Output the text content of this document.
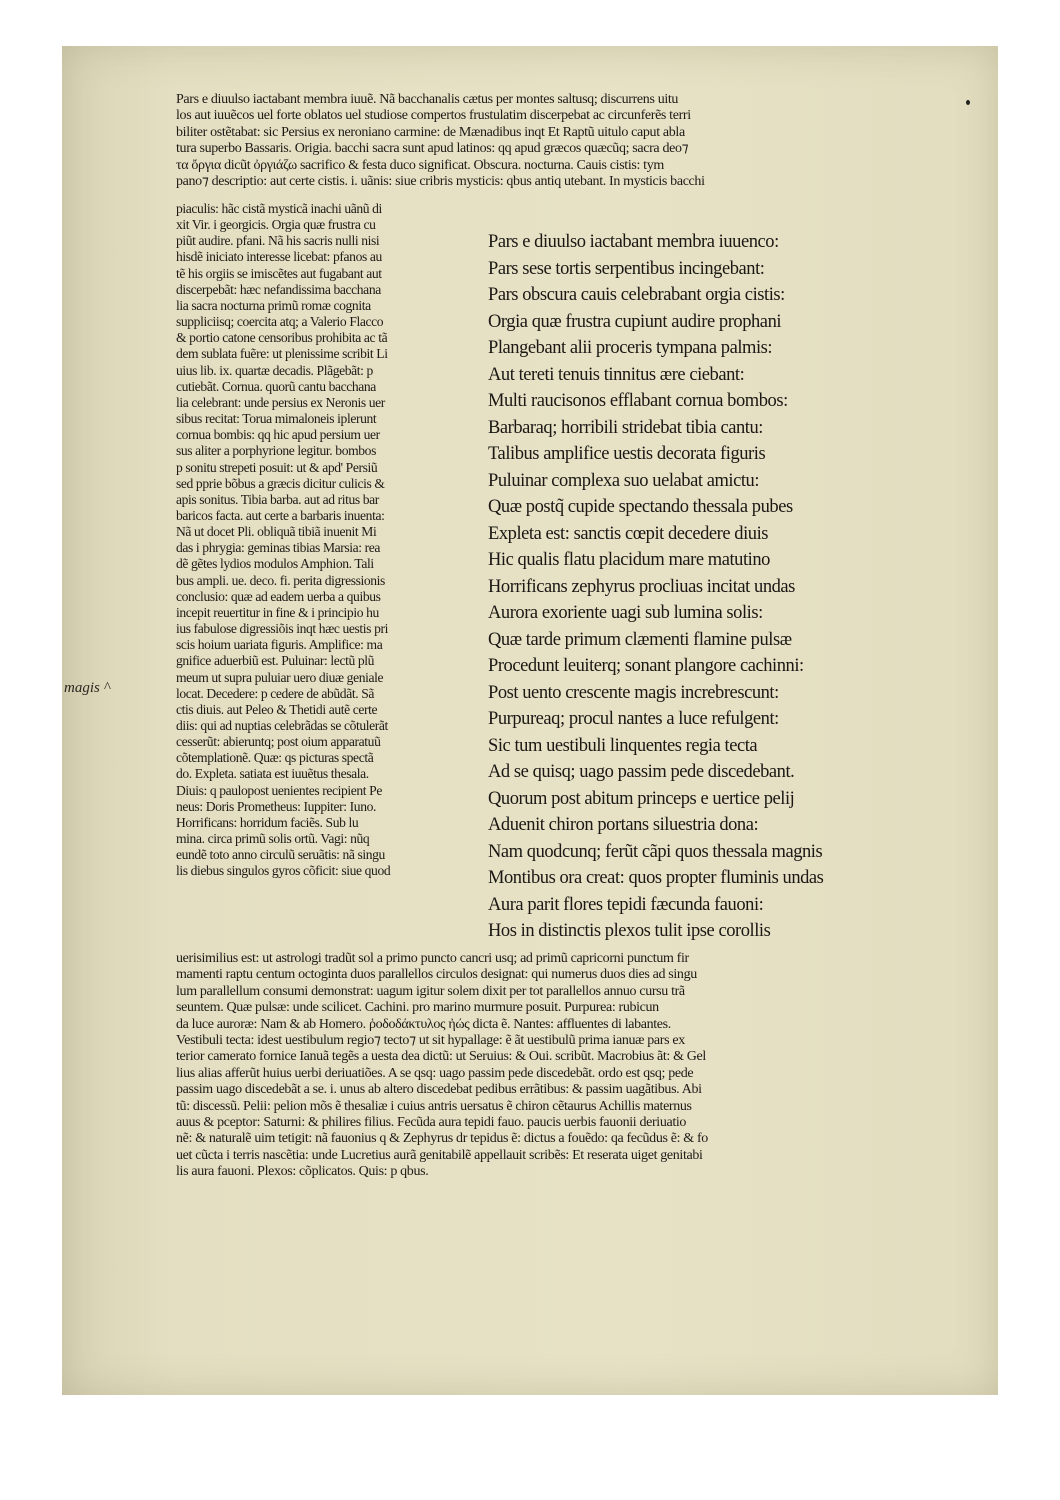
magis ^
Pars e diuulso iactabant membra iuuẽ. Nã bacchanalis cætus per montes saltusq; discurrens uitu
los aut iuuẽcos uel forte oblatos uel studiose compertos frustulatim discerpebat ac circunferẽs terri
biliter ostẽtabat: sic Persius ex neroniano carmine: de Mænadibus inqt Et Raptũ uitulo caput abla
tura superbo Bassaris. Origia. bacchi sacra sunt apud latinos: qq apud græcos quæcũq; sacra deo⁊
τα ὄργια dicũt ὀργιάζω sacrifico & festa duco significat. Obscura. nocturna. Cauis cistis: tym
pano⁊ descriptio: aut certe cistis. i. uãnis: siue cribris mysticis: qbus antiq utebant. In mysticis bacchi
piaculis: hãc cistã mysticã inachi uãnũ di
xit Vir. i georgicis. Orgia quæ frustra cu
piũt audire. pfani. Nã his sacris nulli nisi
hisdẽ iniciato interesse licebat: pfanos au
tẽ his orgiis se imiscẽtes aut fugabant aut
discerpebãt: hæc nefandissima bacchana
lia sacra nocturna primũ romæ cognita
suppliciisq; coercita atq; a Valerio Flacco
& portio catone censoribus prohibita ac tã
dem sublata fuẽre: ut plenissime scribit Li
uius lib. ix. quartæ decadis. Plãgebãt: p
cutiebãt. Cornua. quorũ cantu bacchana
lia celebrant: unde persius ex Neronis uer
sibus recitat: Torua mimaloneis iplerunt
cornua bombis: qq hic apud persium uer
sus aliter a porphyrione legitur. bombos
p sonitu strepeti posuit: ut & apd' Persiũ
sed pprie bõbus a græcis dicitur culicis &
apis sonitus. Tibia barba. aut ad ritus bar
baricos facta. aut certe a barbaris inuenta:
Nã ut docet Pli. obliquã tibiã inuenit Mi
das i phrygia: geminas tibias Marsia: rea
dẽ gẽtes lydios modulos Amphion. Tali
bus ampli. ue. deco. fi. perita digressionis
conclusio: quæ ad eadem uerba a quibus
incepit reuertitur in fine & i principio hu
ius fabulose digressiõis inqt hæc uestis pri
scis hoium uariata figuris. Amplifice: ma
gnifice aduerbiũ est. Puluinar: lectũ plũ
meum ut supra puluiar uero diuæ geniale
locat. Decedere: p cedere de abũdãt. Sã
ctis diuis. aut Peleo & Thetidi autẽ certe
diis: qui ad nuptias celebrãdas se cõtulerãt
cesserũt: abieruntq; post oium apparatuũ
cõtemplationẽ. Quæ: qs picturas spectã
do. Expleta. satiata est iuuẽtus thesala.
Diuis: q paulopost uenientes recipient Pe
neus: Doris Prometheus: Iuppiter: Iuno.
Horrificans: horridum faciẽs. Sub lu
mina. circa primũ solis ortũ. Vagi: nũq
eundẽ toto anno circulũ seruãtis: nã singu
lis diebus singulos gyros cõficit: siue quod
Pars e diuulso iactabant membra iuuenco:
Pars sese tortis serpentibus incingebant:
Pars obscura cauis celebrabant orgia cistis:
Orgia quæ frustra cupiunt audire prophani
Plangebant alii proceris tympana palmis:
Aut tereti tenuis tinnitus ære ciebant:
Multi raucisonos efflabant cornua bombos:
Barbaraq; horribili stridebat tibia cantu:
Talibus amplifice uestis decorata figuris
Puluinar complexa suo uelabat amictu:
Quæ postq̃ cupide spectando thessala pubes
Expleta est: sanctis cœpit decedere diuis
Hic qualis flatu placidum mare matutino
Horrificans zephyrus procliuas incitat undas
Aurora exoriente uagi sub lumina solis:
Quæ tarde primum clæmenti flamine pulsæ
Procedunt leuiterq; sonant plangore cachinni:
Post uento crescente magis increbrescunt:
Purpureaq; procul nantes a luce refulgent:
Sic tum uestibuli linquentes regia tecta
Ad se quisq; uago passim pede discedebant.
Quorum post abitum princeps e uertice pelij
Aduenit chiron portans siluestria dona:
Nam quodcunq; ferũt cãpi quos thessala magnis
Montibus ora creat: quos propter fluminis undas
Aura parit flores tepidi fæcunda fauoni:
Hos in distinctis plexos tulit ipse corollis
uerisimilius est: ut astrologi tradũt sol a primo puncto cancri usq; ad primũ capricorni punctum fir
mamenti raptu centum octoginta duos parallellos circulos designat: qui numerus duos dies ad singu
lum parallellum consumi demonstrat: uagum igitur solem dixit per tot parallellos annuo cursu trã
seuntem. Quæ pulsæ: unde scilicet. Cachini. pro marino murmure posuit. Purpurea: rubicun
da luce auroræ: Nam & ab Homero. ῥοδοδάκτυλος ἠώς dicta ẽ. Nantes: affluentes di labantes.
Vestibuli tecta: idest uestibulum regio⁊ tecto⁊ ut sit hypallage: ẽ ãt uestibulũ prima ianuæ pars ex
terior camerato fornice Ianuã tegẽs a uesta dea dictũ: ut Seruius: & Oui. scribũt. Macrobius ãt: & Gel
lius alias afferũt huius uerbi deriuatiões. A se qsq: uago passim pede discedebãt. ordo est qsq; pede
passim uago discedebãt a se. i. unus ab altero discedebat pedibus errãtibus: & passim uagãtibus. Abi
tũ: discessũ. Pelii: pelion mõs ẽ thesaliæ i cuius antris uersatus ẽ chiron cẽtaurus Achillis maternus
auus & pceptor: Saturni: & philires filius. Fecũda aura tepidi fauo. paucis uerbis fauonii deriuatio
nẽ: & naturalẽ uim tetigit: nã fauonius q & Zephyrus dr tepidus ẽ: dictus a fouẽdo: qa fecũdus ẽ: & fo
uet cũcta i terris nascẽtia: unde Lucretius aurã genitabilẽ appellauit scribẽs: Et reserata uiget genitabi
lis aura fauoni. Plexos: cõplicatos. Quis: p qbus.
